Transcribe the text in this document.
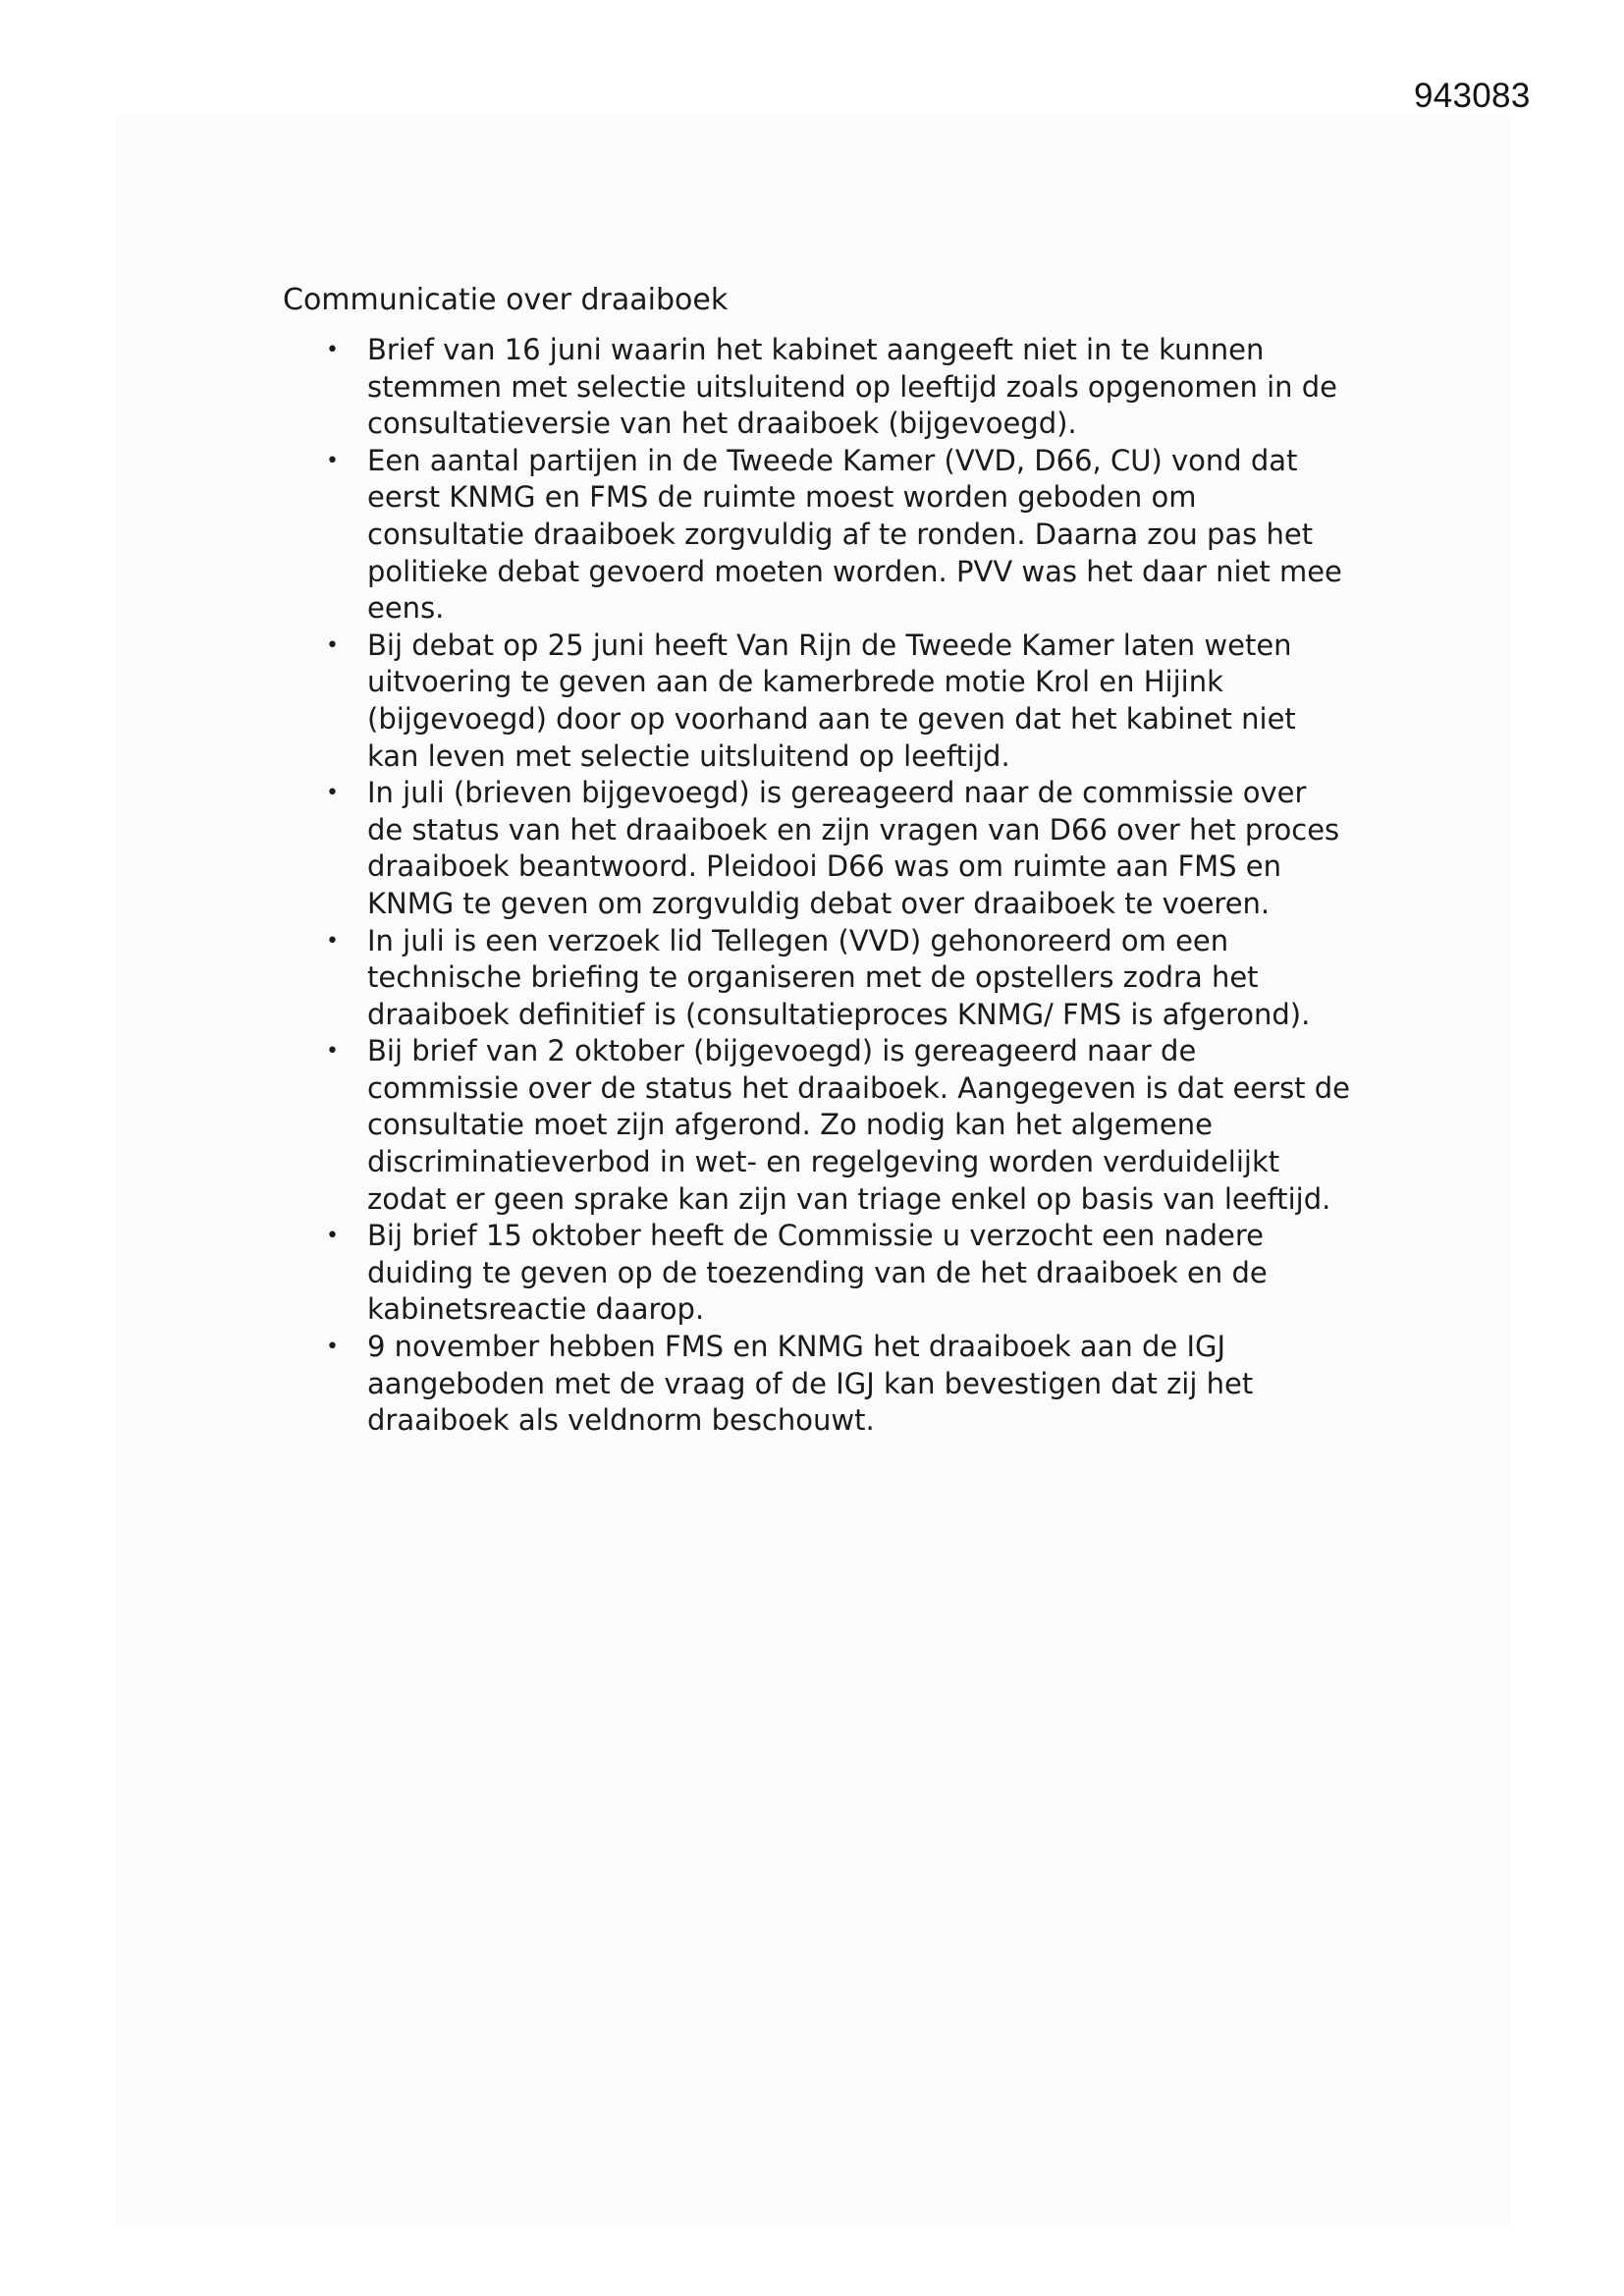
943083
Communicatie over draaiboek
• Brief van 16 juni waarin het kabinet aangeeft niet in te kunnen
stemmen met selectie uitsluitend op leeftijd zoals opgenomen in de
consultatieversie van het draaiboek (bijgevoegd).
• Een aantal partijen in de Tweede Kamer (VVD, D66, CU) vond dat
eerst KNMG en FMS de ruimte moest worden geboden om
consultatie draaiboek zorgvuldig af te ronden. Daarna zou pas het
politieke debat gevoerd moeten worden. PVV was het daar niet mee
eens.
• Bij debat op 25 juni heeft Van Rijn de Tweede Kamer laten weten
uitvoering te geven aan de kamerbrede motie Krol en Hijink
(bijgevoegd) door op voorhand aan te geven dat het kabinet niet
kan leven met selectie uitsluitend op leeftijd.
• In juli (brieven bijgevoegd) is gereageerd naar de commissie over
de status van het draaiboek en zijn vragen van D66 over het proces
draaiboek beantwoord. Pleidooi D66 was om ruimte aan FMS en
KNMG te geven om zorgvuldig debat over draaiboek te voeren.
• In juli is een verzoek lid Tellegen (VVD) gehonoreerd om een
technische briefing te organiseren met de opstellers zodra het
draaiboek definitief is (consultatieproces KNMG/ FMS is afgerond).
• Bij brief van 2 oktober (bijgevoegd) is gereageerd naar de
commissie over de status het draaiboek. Aangegeven is dat eerst de
consultatie moet zijn afgerond. Zo nodig kan het algemene
discriminatieverbod in wet- en regelgeving worden verduidelijkt
zodat er geen sprake kan zijn van triage enkel op basis van leeftijd.
• Bij brief 15 oktober heeft de Commissie u verzocht een nadere
duiding te geven op de toezending van de het draaiboek en de
kabinetsreactie daarop.
• 9 november hebben FMS en KNMG het draaiboek aan de IGJ
aangeboden met de vraag of de IGJ kan bevestigen dat zij het
draaiboek als veldnorm beschouwt.
